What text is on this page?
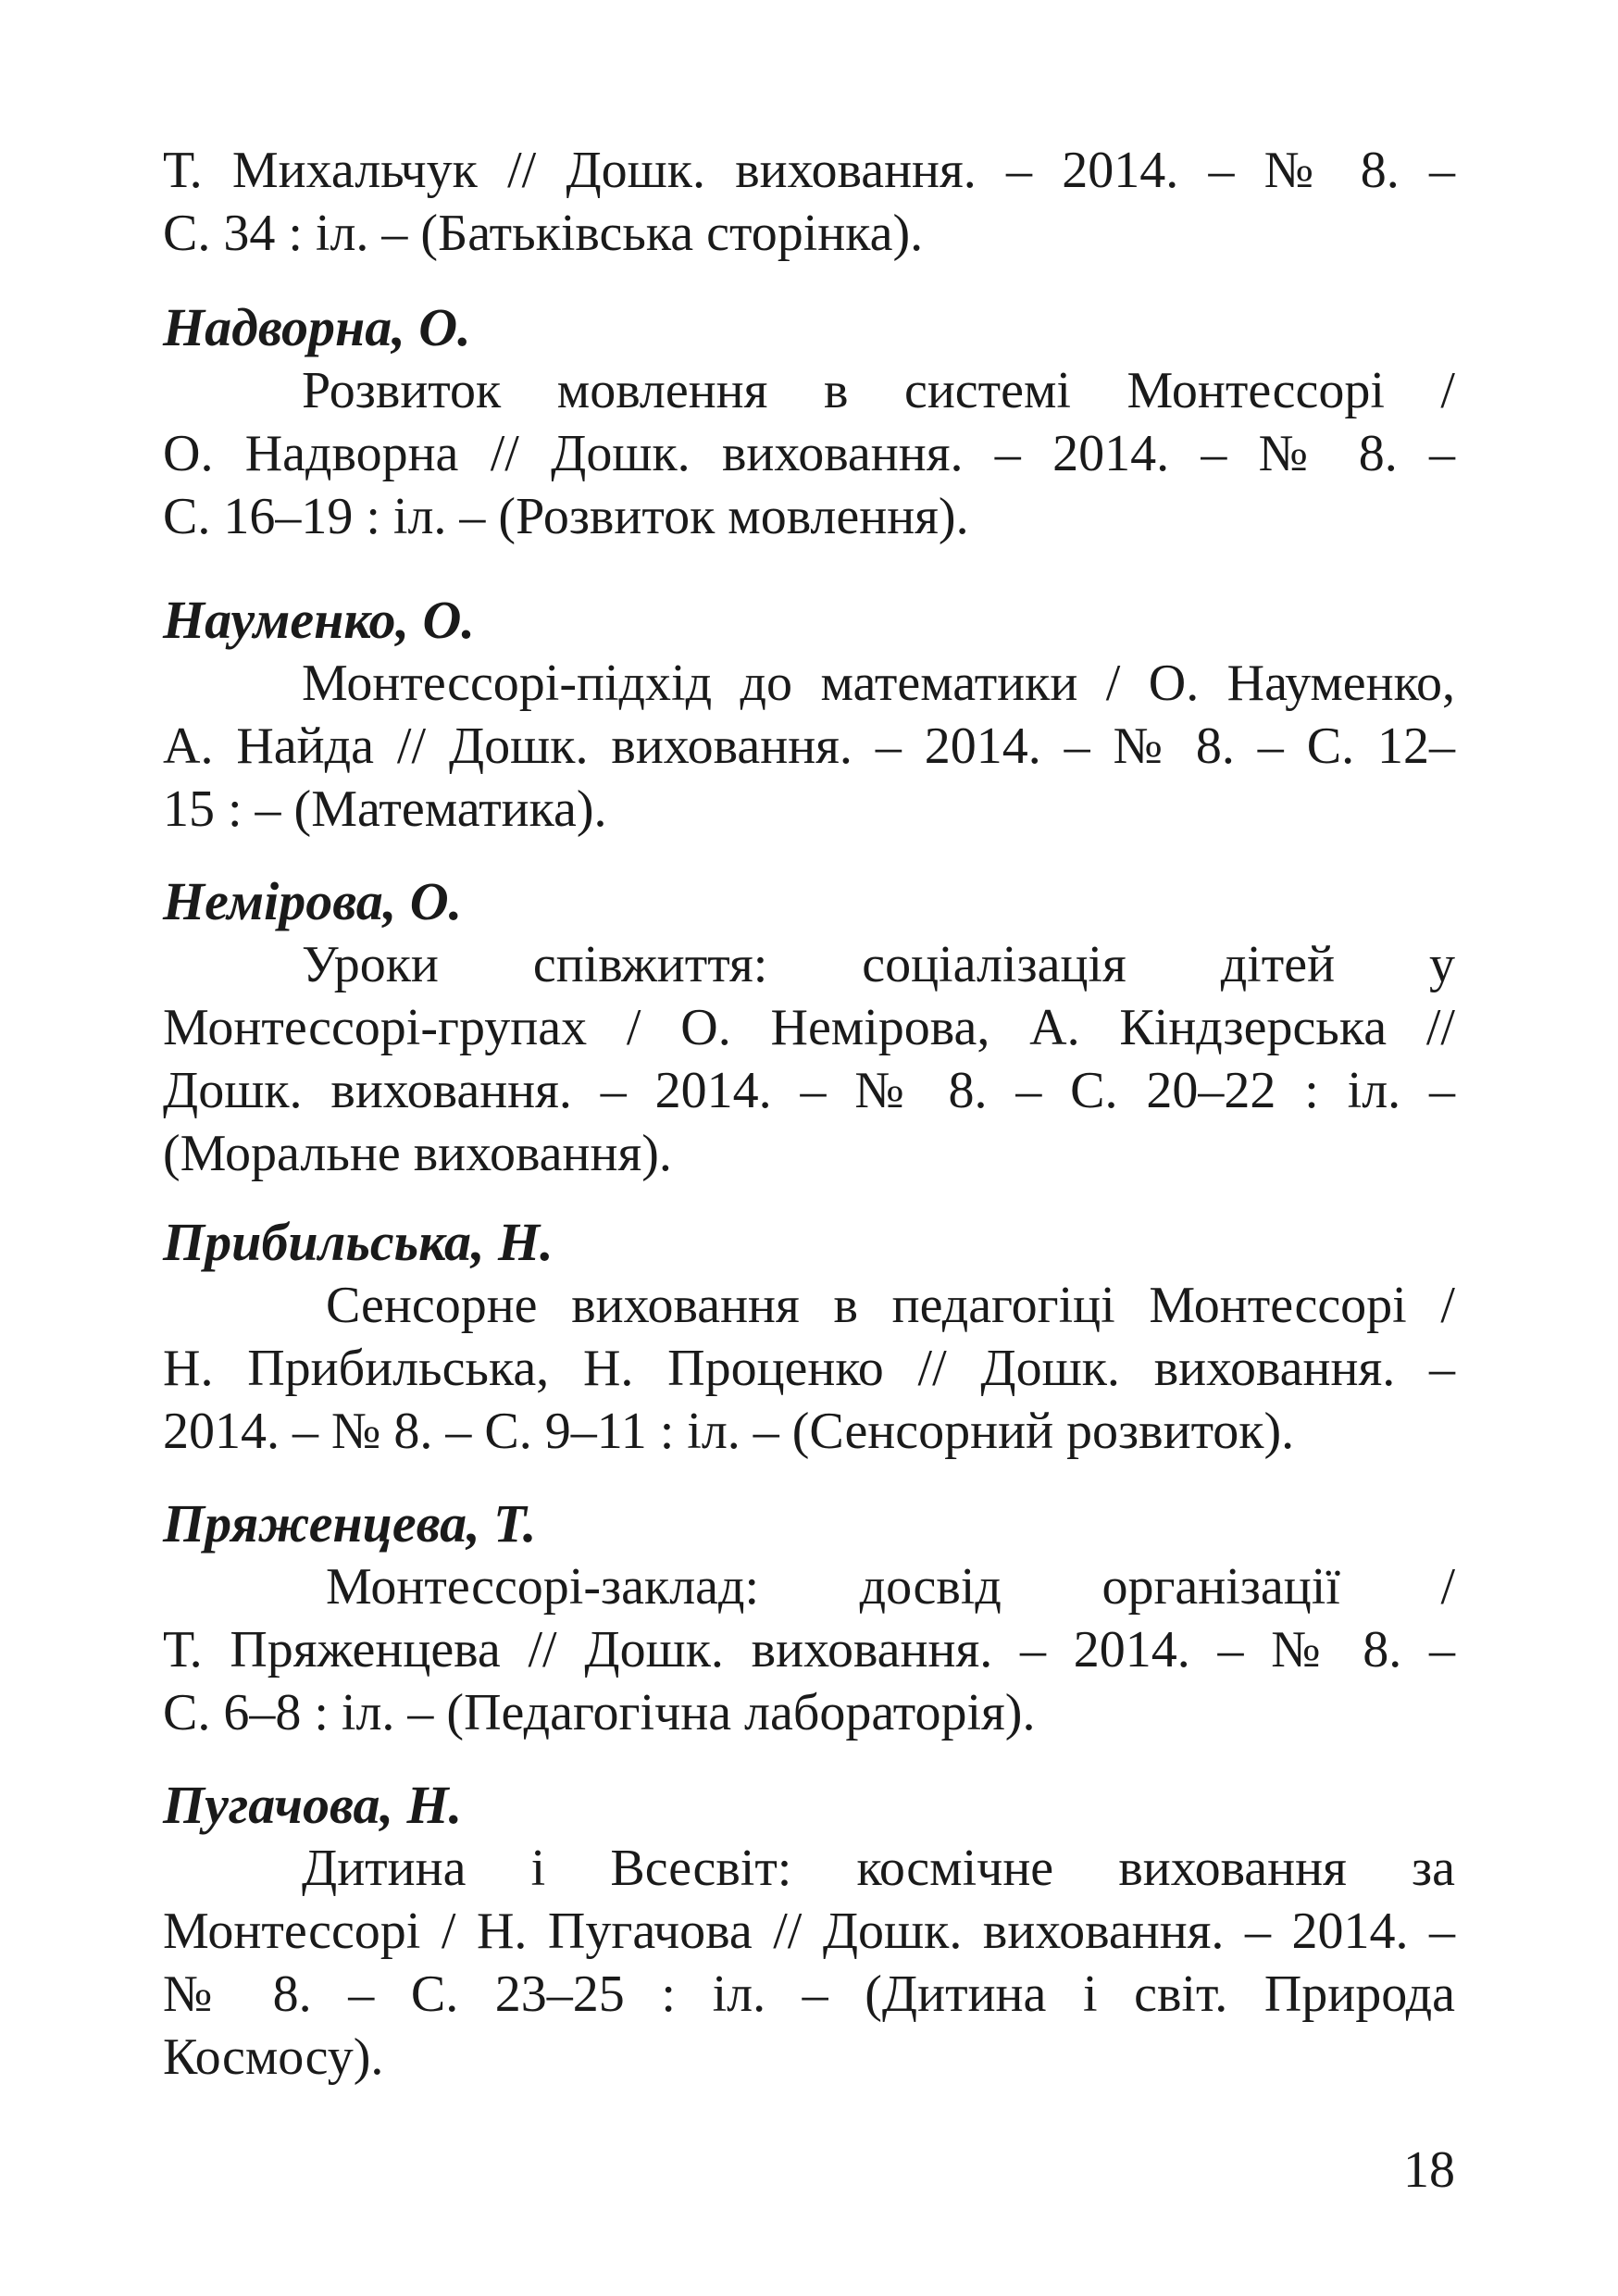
Т. Михальчук // Дошк. виховання. – 2014. – № 8. –
С. 34 : іл. – (Батьківська сторінка).
Надворна, О.
Розвиток мовлення в системі Монтессорі /
О. Надворна // Дошк. виховання. – 2014. – № 8. –
С. 16–19 : іл. – (Розвиток мовлення).
Науменко, О.
Монтессорі-підхід до математики / О. Науменко,
А. Найда // Дошк. виховання. – 2014. – № 8. – С. 12–
15 : – (Математика).
Немірова, О.
Уроки співжиття: соціалізація дітей у
Монтессорі-групах / О. Немірова, А. Кіндзерська //
Дошк. виховання. – 2014. – № 8. – С. 20–22 : іл. –
(Моральне виховання).
Прибильська, Н.
Сенсорне виховання в педагогіці Монтессорі /
Н. Прибильська, Н. Проценко // Дошк. виховання. –
2014. – № 8. – С. 9–11 : іл. – (Сенсорний розвиток).
Пряженцева, Т.
Монтессорі-заклад: досвід організації /
Т. Пряженцева // Дошк. виховання. – 2014. – № 8. –
С. 6–8 : іл. – (Педагогічна лабораторія).
Пугачова, Н.
Дитина і Всесвіт: космічне виховання за
Монтессорі / Н. Пугачова // Дошк. виховання. – 2014. –
№ 8. – С. 23–25 : іл. – (Дитина і світ. Природа
Космосу).
18
